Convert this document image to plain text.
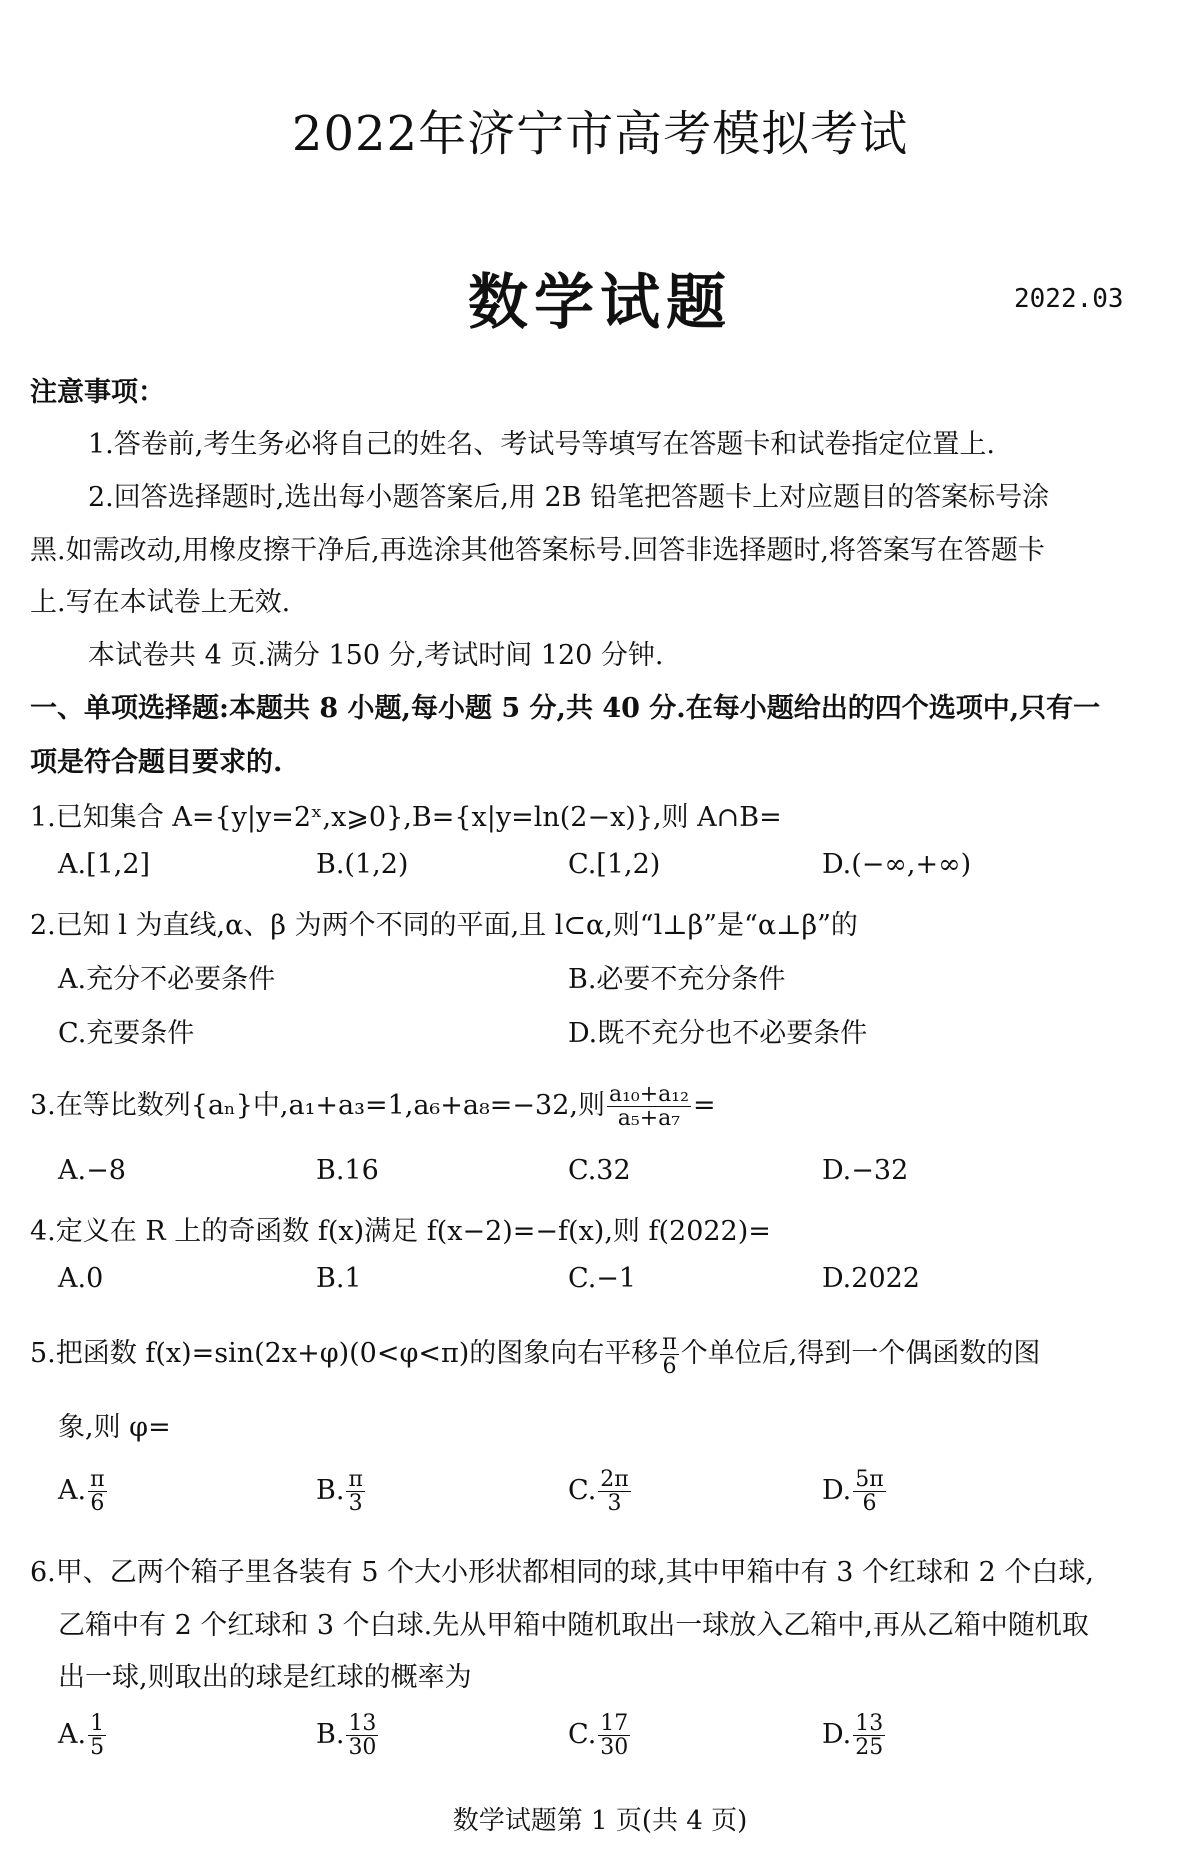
2022年济宁市高考模拟考试
数学试题	2022.03
注意事项：
1.答卷前,考生务必将自己的姓名、考试号等填写在答题卡和试卷指定位置上.
2.回答选择题时,选出每小题答案后,用 2B 铅笔把答题卡上对应题目的答案标号涂
黑.如需改动,用橡皮擦干净后,再选涂其他答案标号.回答非选择题时,将答案写在答题卡
上.写在本试卷上无效.
本试卷共 4 页.满分 150 分,考试时间 120 分钟.
一、单项选择题:本题共 8 小题,每小题 5 分,共 40 分.在每小题给出的四个选项中,只有一
项是符合题目要求的.
1.已知集合 A={y|y=2ˣ,x⩾0},B={x|y=ln(2−x)},则 A∩B=
A.[1,2]	B.(1,2)	C.[1,2)	D.(−∞,+∞)
2.已知 l 为直线,α、β 为两个不同的平面,且 l⊂α,则“l⊥β”是“α⊥β”的
A.充分不必要条件	B.必要不充分条件
C.充要条件	D.既不充分也不必要条件
3.在等比数列{aₙ}中,a₁+a₃=1,a₆+a₈=−32,则 $\frac{\text{a₁₀+a₁₂}}{\text{a₅+a₇}}$ =
A.−8	B.16	C.32	D.−32
4.定义在 R 上的奇函数 f(x)满足 f(x−2)=−f(x),则 f(2022)=
A.0	B.1	C.−1	D.2022
5.把函数 f(x)=sin(2x+φ)(0<φ<π)的图象向右平移 $\frac{\pi}{6}$ 个单位后,得到一个偶函数的图
象,则 φ=
A. $\frac{\pi}{6}$	B. $\frac{\pi}{3}$	C. $\frac{2\pi}{3}$	D. $\frac{5\pi}{6}$
6.甲、乙两个箱子里各装有 5 个大小形状都相同的球,其中甲箱中有 3 个红球和 2 个白球,
乙箱中有 2 个红球和 3 个白球.先从甲箱中随机取出一球放入乙箱中,再从乙箱中随机取
出一球,则取出的球是红球的概率为
A. $\frac{1}{5}$	B. $\frac{13}{30}$	C. $\frac{17}{30}$	D. $\frac{13}{25}$
数学试题第 1 页(共 4 页)
